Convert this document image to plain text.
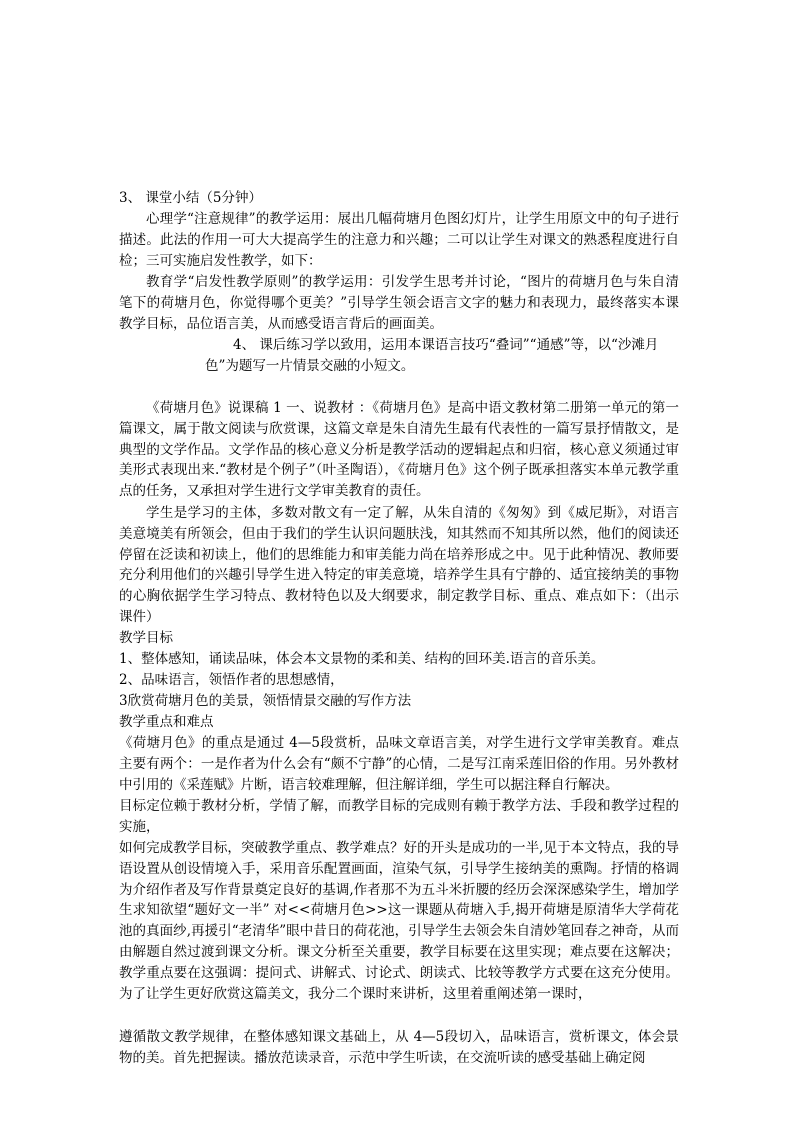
3、 课堂小结（5分钟）

心理学“注意规律”的教学运用：展出几幅荷塘月色图幻灯片，让学生用原文中的句子进行描述。此法的作用一可大大提高学生的注意力和兴趣；二可以让学生对课文的熟悉程度进行自检；三可实施启发性教学，如下：

教育学“启发性教学原则”的教学运用：引发学生思考并讨论，“图片的荷塘月色与朱自清笔下的荷塘月色，你觉得哪个更美？”引导学生领会语言文字的魅力和表现力，最终落实本课教学目标，品位语言美，从而感受语言背后的画面美。

4、 课后练习学以致用，运用本课语言技巧“叠词”“通感”等，以“沙滩月

色”为题写一片情景交融的小短文。

《荷塘月色》说课稿 1 一、说教材 ：《荷塘月色》是高中语文教材第二册第一单元的第一篇课文，属于散文阅读与欣赏课，这篇文章是朱自清先生最有代表性的一篇写景抒情散文，是典型的文学作品。文学作品的核心意义分析是教学活动的逻辑起点和归宿，核心意义须通过审美形式表现出来.“教材是个例子”（叶圣陶语），《荷塘月色》这个例子既承担落实本单元教学重点的任务，又承担对学生进行文学审美教育的责任。

学生是学习的主体，多数对散文有一定了解，从朱自清的《匆匆》到《威尼斯》，对语言美意境美有所领会，但由于我们的学生认识问题肤浅，知其然而不知其所以然，他们的阅读还停留在泛读和初读上，他们的思维能力和审美能力尚在培养形成之中。见于此种情况、教师要充分利用他们的兴趣引导学生进入特定的审美意境，培养学生具有宁静的、适宜接纳美的事物的心胸依据学生学习特点、教材特色以及大纲要求，制定教学目标、重点、难点如下：（出示课件）

教学目标

1、整体感知，诵读品味，体会本文景物的柔和美、结构的回环美.语言的音乐美。

2、品味语言，领悟作者的思想感情，

3欣赏荷塘月色的美景，领悟情景交融的写作方法

教学重点和难点

《荷塘月色》的重点是通过 4—5段赏析，品味文章语言美，对学生进行文学审美教育。难点主要有两个：一是作者为什么会有“颇不宁静”的心情，二是写江南采莲旧俗的作用。另外教材中引用的《采莲赋》片断，语言较难理解，但注解详细，学生可以据注释自行解决。

目标定位赖于教材分析，学情了解，而教学目标的完成则有赖于教学方法、手段和教学过程的实施，

如何完成教学目标，突破教学重点、教学难点？好的开头是成功的一半,见于本文特点，我的导语设置从创设情境入手，采用音乐配置画面，渲染气氛，引导学生接纳美的熏陶。抒情的格调为介绍作者及写作背景奠定良好的基调,作者那不为五斗米折腰的经历会深深感染学生，增加学生求知欲望“题好文一半” 对<<荷塘月色>>这一课题从荷塘入手,揭开荷塘是原清华大学荷花池的真面纱,再援引“老清华”眼中昔日的荷花池，引导学生去领会朱自清妙笔回春之神奇，从而由解题自然过渡到课文分析。课文分析至关重要，教学目标要在这里实现；难点要在这解决；教学重点要在这强调：提问式、讲解式、讨论式、朗读式、比较等教学方式要在这充分使用。为了让学生更好欣赏这篇美文，我分二个课时来讲析，这里着重阐述第一课时，

遵循散文教学规律，在整体感知课文基础上，从 4—5段切入，品味语言，赏析课文，体会景物的美。首先把握读。播放范读录音，示范中学生听读，在交流听读的感受基础上确定阅
